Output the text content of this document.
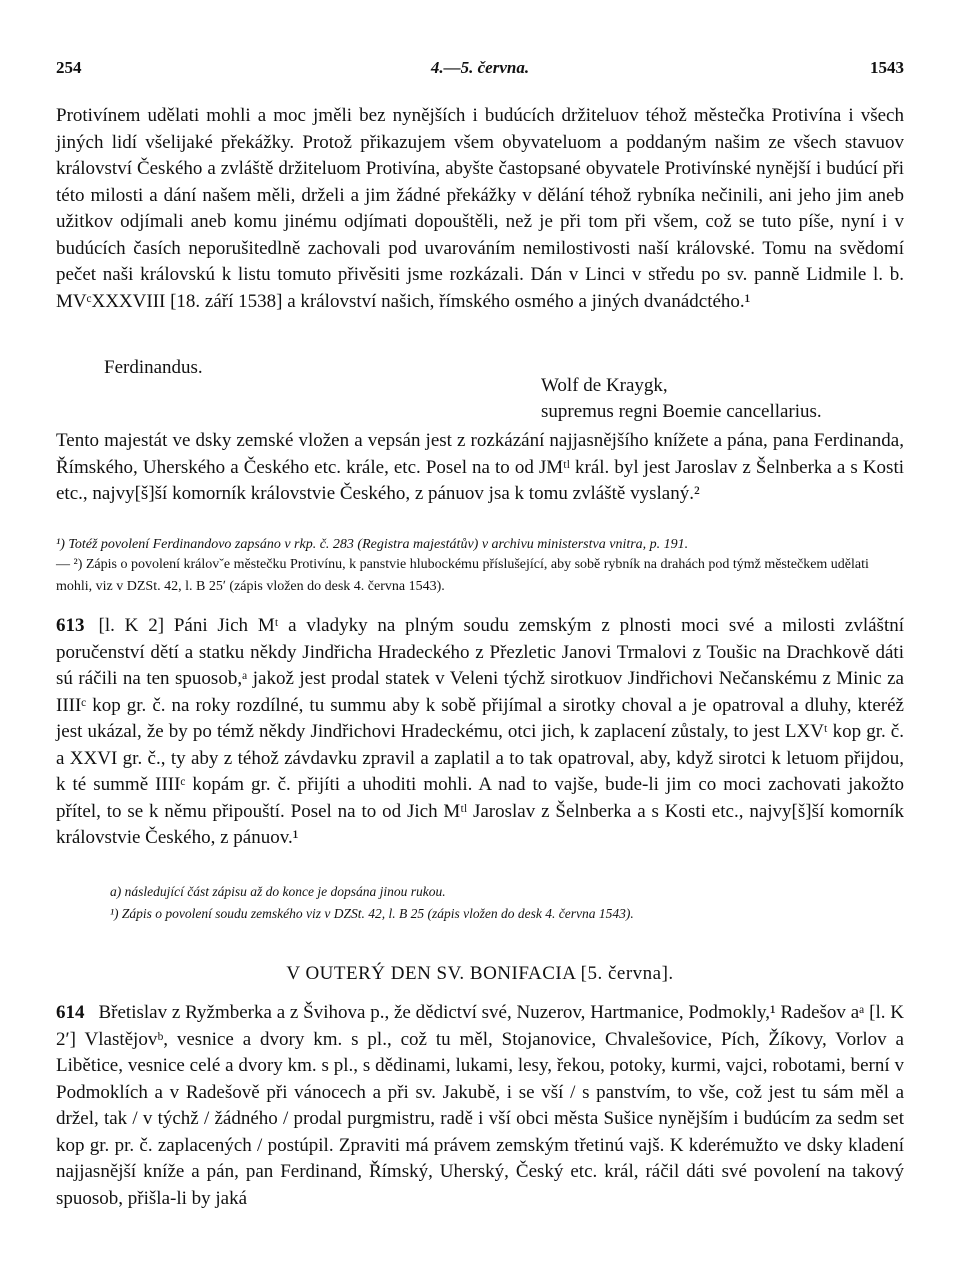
254	4.—5. června.	1543
Protivínem udělati mohli a moc jměli bez nynějších i budúcích držiteluov téhož městečka Protivína i všech jiných lidí všelijaké překážky. Protož přikazujem všem obyvateluom a poddaným našim ze všech stavuov království Českého a zvláště držiteluom Protivína, abyšte častopsané obyvatele Protivínské nynější i budúcí při této milosti a dání našem měli, drželi a jim žádné překážky v dělání téhož rybníka nečinili, ani jeho jim aneb užitkov odjímali aneb komu jinému odjímati dopouštěli, než je při tom při všem, což se tuto píše, nyní i v budúcích časích neporušitedlně zachovali pod uvarováním nemilostivosti naší královské. Tomu na svědomí pečet naši královskú k listu tomuto přivěsiti jsme rozkázali. Dán v Linci v středu po sv. panně Lidmile l. b. MVᶜXXXVIII [18. září 1538] a království našich, římského osmého a jiných dvanádctého.¹
Ferdinandus.
Wolf de Kraygk,
supremus regni Boemie cancellarius.
Tento majestát ve dsky zemské vložen a vepsán jest z rozkázání najjasnějšího knížete a pána, pana Ferdinanda, Římského, Uherského a Českého etc. krále, etc. Posel na to od JMᵗˡ král. byl jest Jaroslav z Šelnberka a s Kosti etc., najvy[š]ší komorník královstvie Českého, z pánuov jsa k tomu zvláště vyslaný.²
¹) Totéž povolení Ferdinandovo zapsáno v rkp. č. 283 (Registra majestátův) v archivu ministerstva vnitra, p. 191.
— ²) Zápis o povolení královˇe městečku Protivínu, k panstvie hlubockému příslušející, aby sobě rybník na drahách pod týmž městečkem udělati mohli, viz v DZSt. 42, l. B 25ʹ (zápis vložen do desk 4. června 1543).
613 [l. K 2] Páni Jich Mᵗ a vladyky na plným soudu zemským z plnosti moci své a milosti zvláštní poručenství dětí a statku někdy Jindřicha Hradeckého z Přezletic Janovi Trmalovi z Toušic na Drachkově dáti sú ráčili na ten spuosob,ᵃ jakož jest prodal statek v Veleni týchž sirotkuov Jindřichovi Nečanskému z Minic za IIIIᶜ kop gr. č. na roky rozdílné, tu summu aby k sobě přijímal a sirotky choval a je opatroval a dluhy, kteréž jest ukázal, že by po témž někdy Jindřichovi Hradeckému, otci jich, k zaplacení zůstaly, to jest LXVᵗ kop gr. č. a XXVI gr. č., ty aby z téhož závdavku zpravil a zaplatil a to tak opatroval, aby, když sirotci k letuom přijdou, k té summě IIIIᶜ kopám gr. č. přijíti a uhoditi mohli. A nad to vajše, bude-li jim co moci zachovati jakožto přítel, to se k němu připouští. Posel na to od Jich Mᵗˡ Jaroslav z Šelnberka a s Kosti etc., najvy[š]ší komorník královstvie Českého, z pánuov.¹
a) následující část zápisu až do konce je dopsána jinou rukou.
¹) Zápis o povolení soudu zemského viz v DZSt. 42, l. B 25 (zápis vložen do desk 4. června 1543).
V OUTERÝ DEN SV. BONIFACIA [5. června].
614 Břetislav z Ryžmberka a z Švihova p., že dědictví své, Nuzerov, Hartmanice, Podmokly,¹ Radešov aᵃ [l. K 2ʹ] Vlastějovᵇ, vesnice a dvory km. s pl., což tu měl, Stojanovice, Chvalešovice, Pích, Žíkovy, Vorlov a Libětice, vesnice celé a dvory km. s pl., s dědinami, lukami, lesy, řekou, potoky, kurmi, vajci, robotami, berní v Podmoklích a v Radešově při vánocech a při sv. Jakubě, i se vší / s panstvím, to vše, což jest tu sám měl a držel, tak / v týchž / žádného / prodal purgmistru, radě i vší obci města Sušice nynějším i budúcím za sedm set kop gr. pr. č. zaplacených / postúpil. Zpraviti má právem zemským třetinú vajš. K kderémužto ve dsky kladení najjasnější kníže a pán, pan Ferdinand, Římský, Uherský, Český etc. král, ráčil dáti své povolení na takový spuosob, přišla-li by jaká
